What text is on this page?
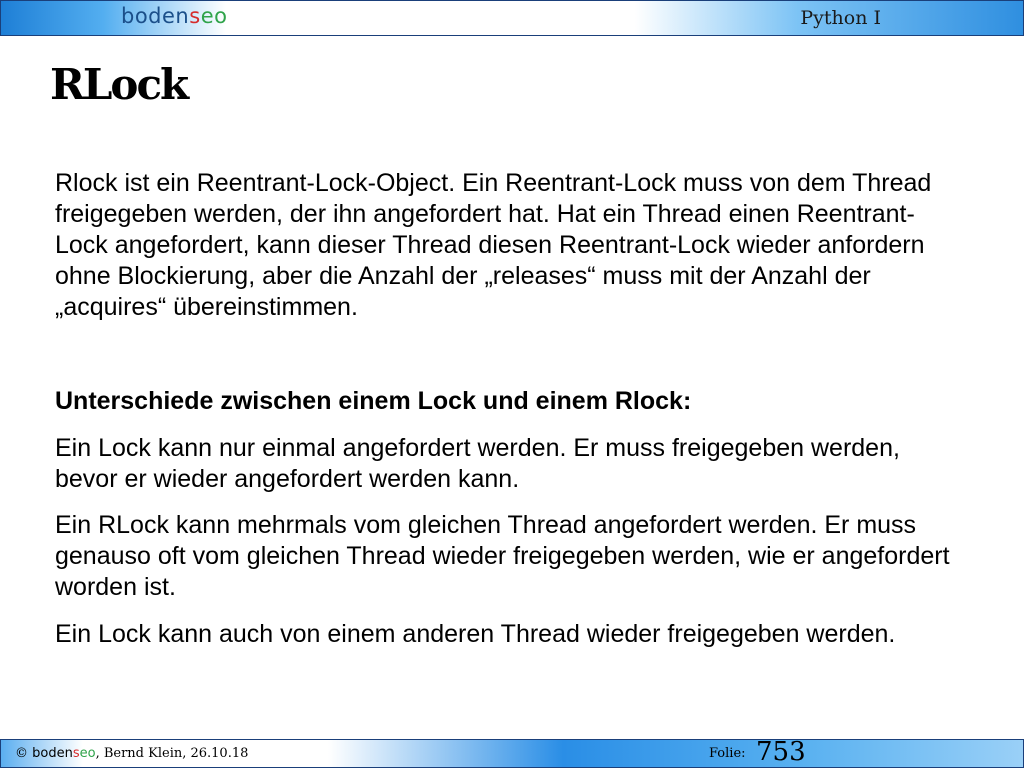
bodenseo	Python I
RLock

Rlock ist ein Reentrant-Lock-Object. Ein Reentrant-Lock muss von dem Thread freigegeben werden, der ihn angefordert hat. Hat ein Thread einen Reentrant-Lock angefordert, kann dieser Thread diesen Reentrant-Lock wieder anfordern ohne Blockierung, aber die Anzahl der „releases“ muss mit der Anzahl der „acquires“ übereinstimmen.

Unterschiede zwischen einem Lock und einem Rlock:

Ein Lock kann nur einmal angefordert werden. Er muss freigegeben werden, bevor er wieder angefordert werden kann.

Ein RLock kann mehrmals vom gleichen Thread angefordert werden. Er muss genauso oft vom gleichen Thread wieder freigegeben werden, wie er angefordert worden ist.

Ein Lock kann auch von einem anderen Thread wieder freigegeben werden.

© bodenseo, Bernd Klein, 26.10.18	Folie: 753
